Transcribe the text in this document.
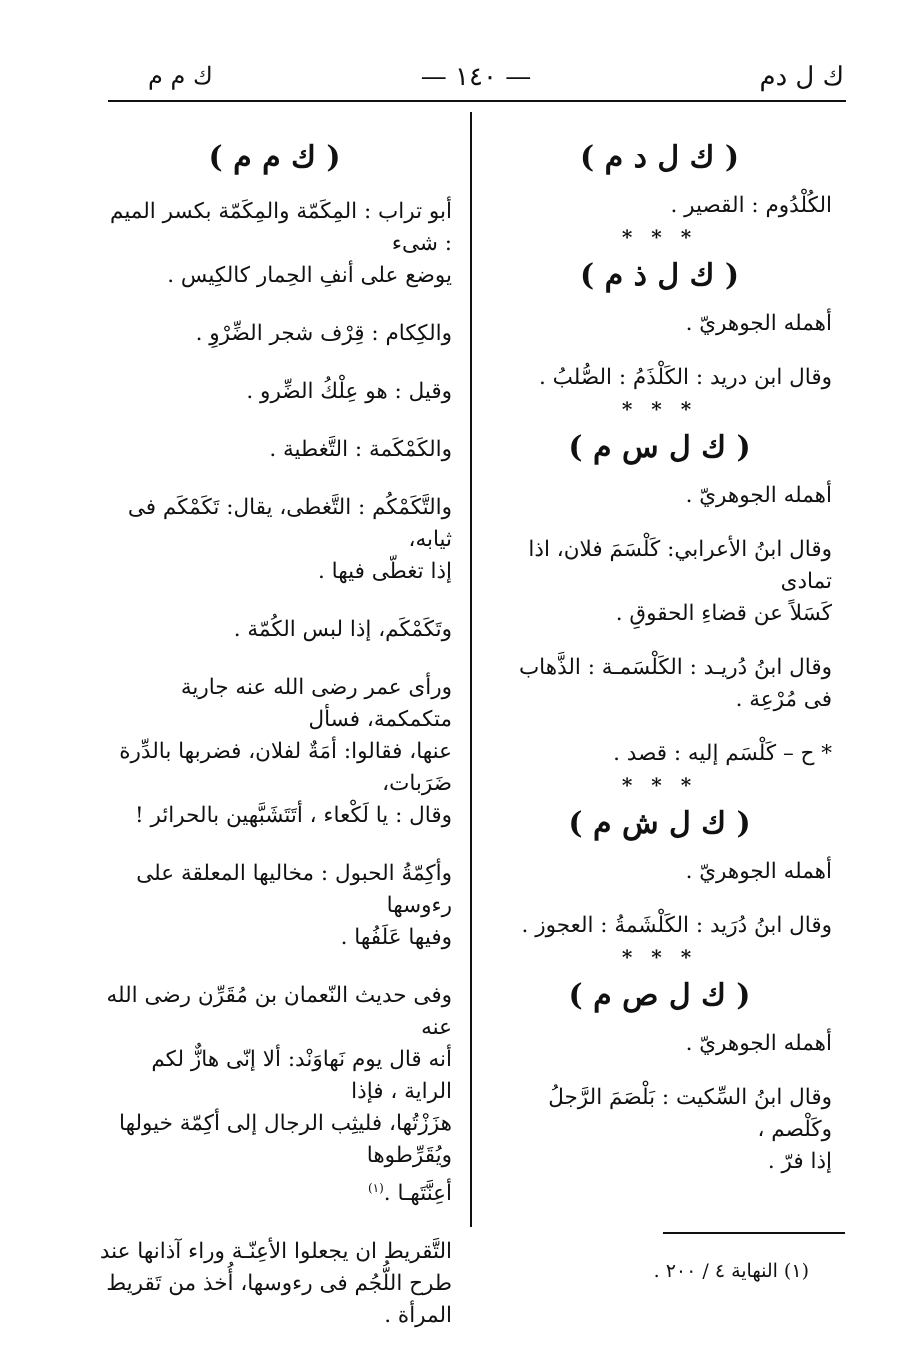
ك ل دم
— ١٤٠ —
ك م م

( ك ل د م )

الكُلْدُوم : القصير .

* * *

( ك ل ذ م )

أهمله الجوهريّ .

وقال ابن دريد : الكَلْذَمُ : الصُّلبُ .

* * *

( ك ل س م )

أهمله الجوهريّ .

وقال ابنُ الأعرابي: كَلْسَمَ فلان، اذا تمادى

كَسَلاً عن قضاءِ الحقوقِ .

وقال ابنُ دُريـد : الكَلْسَمـة : الذَّهاب

فى مُرْعِة .

* ح – كَلْسَم إليه : قصد .

* * *

( ك ل ش م )

أهمله الجوهريّ .

وقال ابنُ دُرَيد : الكَلْشَمةُ : العجوز .

* * *

( ك ل ص م )

أهمله الجوهريّ .

وقال ابنُ السِّكيت : بَلْصَمَ الرَّجلُ وكَلْصم ،

إذا فرّ .

( ك م م )

أبو تراب : المِكَمّة والمِكَمّة بكسر الميم : شىء

يوضع على أنفِ الحِمار كالكِيس .

والكِكام : قِرْف شجر الضِّرْوِ .

وقيل : هو عِلْكُ الضِّرو .

والكَمْكَمة : التَّغطية .

والتَّكَمْكُم : التَّغطى، يقال: تَكَمْكَم فى ثيابه،

إذا تغطّى فيها .

وتَكَمْكَم، إذا لبس الكُمّة .

ورأى عمر رضى الله عنه جارية متكمكمة، فسأل

عنها، فقالوا: أمَةٌ لفلان، فضربها بالدِّرة ضَرَبات،

وقال : يا لَكْعاء ، أتَتَشَبَّهين بالحرائر !

وأكِمّةُ الحبول : مخاليها المعلقة على رءوسها

وفيها عَلَفُها .

وفى حديث النّعمان بن مُقَرِّن رضى الله عنه

أنه قال يوم نَهاوَنْد: ألا إنّى هازٌّ لكم الراية ، فإذا

هزَزْتُها، فليثِب الرجال إلى أكِمّة خيولها ويُقَرِّطوها

أعِنَّتَهـا .$^{(١)}$

التَّقريط ان يجعلوا الأعِنّـة وراء آذانها عند

طرح اللُّجُم فى رءوسها، أُخذ من تَقريط المرأة .

(١) النهاية ٤ / ٢٠٠ .
